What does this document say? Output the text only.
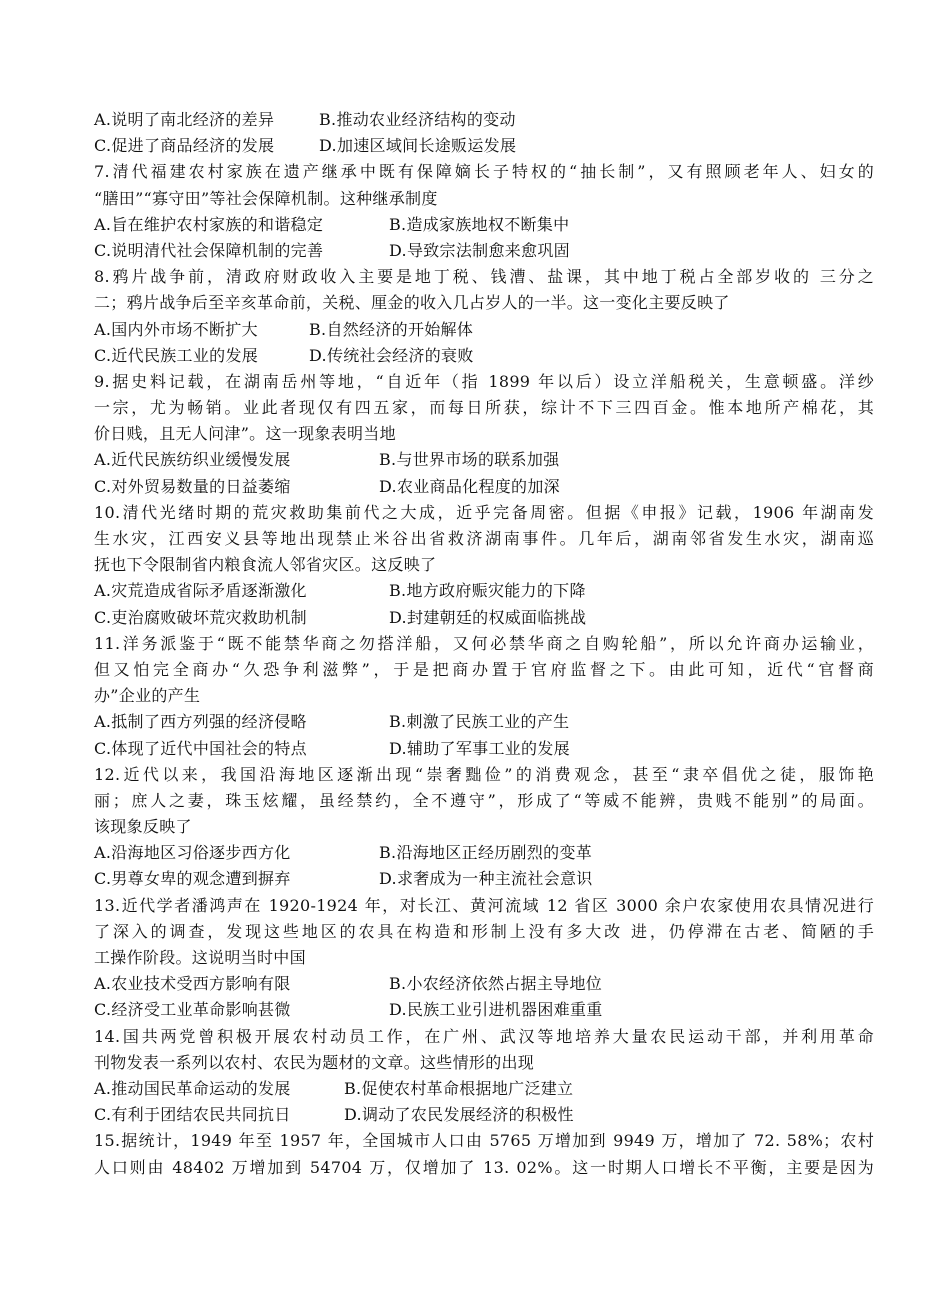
A.说明了南北经济的差异	B.推动农业经济结构的变动
C.促进了商品经济的发展	D.加速区域间长途贩运发展
7.清代福建农村家族在遗产继承中既有保障嫡长子特权的“抽长制”，又有照顾老年人、妇女的
“膳田”“寡守田”等社会保障机制。这种继承制度
A.旨在维护农村家族的和谐稳定	B.造成家族地权不断集中
C.说明清代社会保障机制的完善	D.导致宗法制愈来愈巩固
8.鸦片战争前，清政府财政收入主要是地丁税、钱漕、盐课，其中地丁税占全部岁收的 三分之
二；鸦片战争后至辛亥革命前，关税、厘金的收入几占岁人的一半。这一变化主要反映了
A.国内外市场不断扩大	B.自然经济的开始解体
C.近代民族工业的发展	D.传统社会经济的衰败
9.据史料记载，在湖南岳州等地，“自近年（指 1899 年以后）设立洋船税关，生意顿盛。洋纱
一宗，尤为畅销。业此者现仅有四五家，而每日所获，综计不下三四百金。惟本地所产棉花，其
价日贱，且无人问津”。这一现象表明当地
A.近代民族纺织业缓慢发展	B.与世界市场的联系加强
C.对外贸易数量的日益萎缩	D.农业商品化程度的加深
10.清代光绪时期的荒灾救助集前代之大成，近乎完备周密。但据《申报》记载，1906 年湖南发
生水灾，江西安义县等地出现禁止米谷出省救济湖南事件。几年后，湖南邻省发生水灾，湖南巡
抚也下令限制省内粮食流人邻省灾区。这反映了
A.灾荒造成省际矛盾逐渐激化	B.地方政府赈灾能力的下降
C.吏治腐败破坏荒灾救助机制	D.封建朝廷的权威面临挑战
11.洋务派鉴于“既不能禁华商之勿搭洋船，又何必禁华商之自购轮船”，所以允许商办运输业，
但又怕完全商办“久恐争利滋弊”，于是把商办置于官府监督之下。由此可知，近代“官督商
办”企业的产生
A.抵制了西方列强的经济侵略	B.刺激了民族工业的产生
C.体现了近代中国社会的特点	D.辅助了军事工业的发展
12.近代以来，我国沿海地区逐渐出现“崇奢黜俭”的消费观念，甚至“隶卒倡优之徒，服饰艳
丽；庶人之妻，珠玉炫耀，虽经禁约，全不遵守”，形成了“等威不能辨，贵贱不能别”的局面。
该现象反映了
A.沿海地区习俗逐步西方化	B.沿海地区正经历剧烈的变革
C.男尊女卑的观念遭到摒弃	D.求奢成为一种主流社会意识
13.近代学者潘鸿声在 1920-1924 年，对长江、黄河流域 12 省区 3000 余户农家使用农具情况进行
了深入的调查，发现这些地区的农具在构造和形制上没有多大改 进，仍停滞在古老、简陋的手
工操作阶段。这说明当时中国
A.农业技术受西方影响有限	B.小农经济依然占据主导地位
C.经济受工业革命影响甚微	D.民族工业引进机器困难重重
14.国共两党曾积极开展农村动员工作，在广州、武汉等地培养大量农民运动干部，并利用革命
刊物发表一系列以农村、农民为题材的文章。这些情形的出现
A.推动国民革命运动的发展	B.促使农村革命根据地广泛建立
C.有利于团结农民共同抗日	D.调动了农民发展经济的积极性
15.据统计，1949 年至 1957 年，全国城市人口由 5765 万增加到 9949 万，增加了 72. 58%；农村
人口则由 48402 万增加到 54704 万，仅增加了 13. 02%。这一时期人口增长不平衡，主要是因为
